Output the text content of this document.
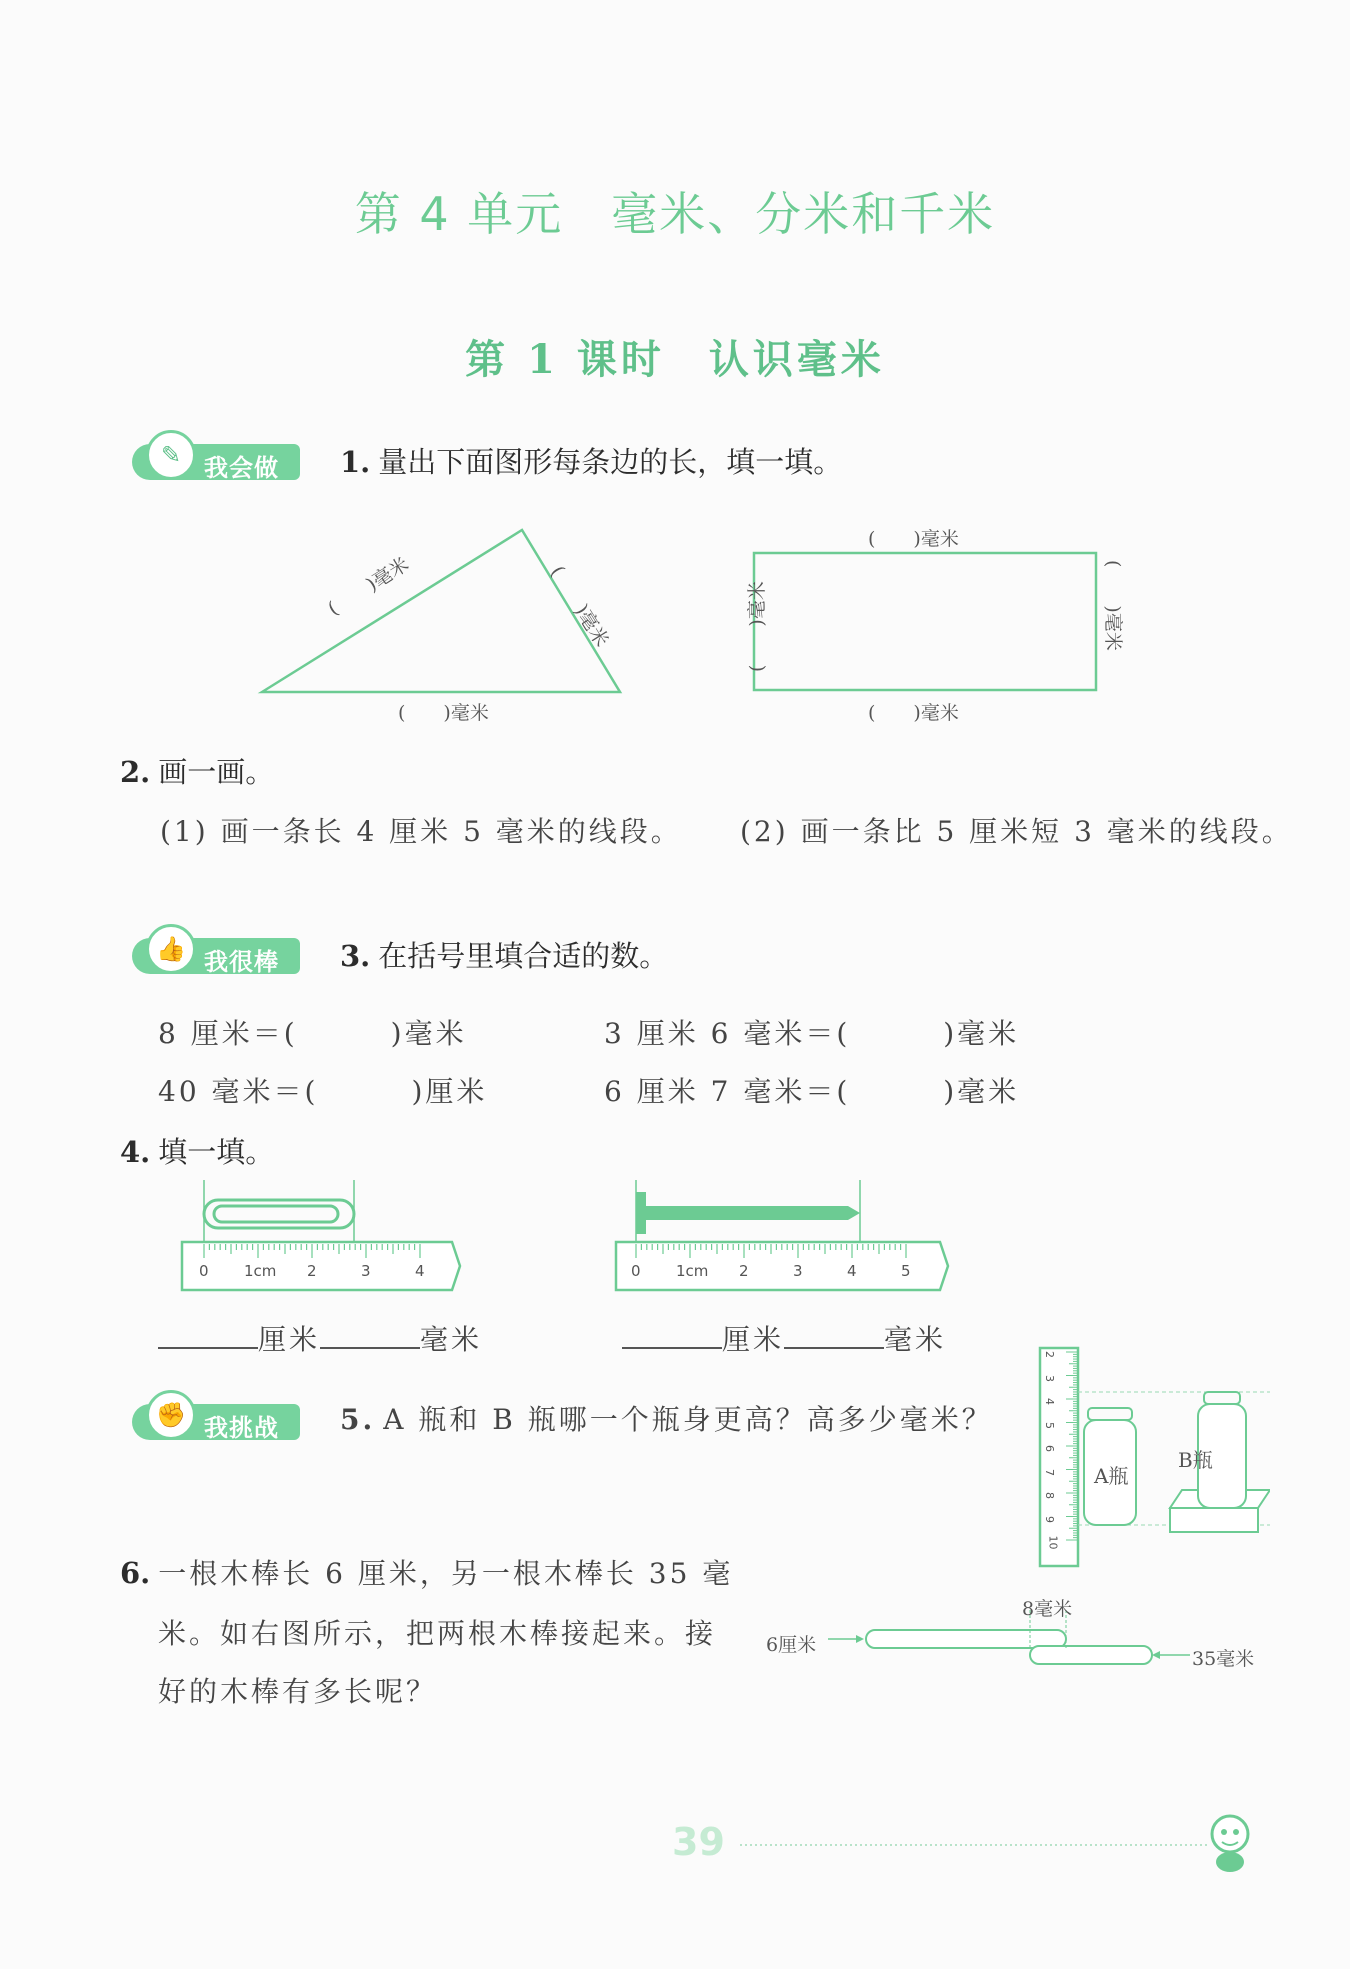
第 4 单元　毫米、分米和千米
第 1 课时　认识毫米
✎ 我会做 1. 量出下面图形每条边的长，填一填。
(　　)毫米	(　　)毫米
(　　)毫米
(　　)毫米
(　　)毫米
(　　)毫米	(　　)毫米
2. 画一画。
(1) 画一条长 4 厘米 5 毫米的线段。 (2) 画一条比 5 厘米短 3 毫米的线段。
👍 我很棒 3. 在括号里填合适的数。
8 厘米＝(　　　)毫米	3 厘米 6 毫米＝(　　　)毫米
40 毫米＝(　　　)厘米	6 厘米 7 毫米＝(　　　)毫米
4. 填一填。
0 1cm 2	3	4	0 1cm 2	3	4	5
厘米	毫米	厘米	毫米
✊ 我挑战 5. A 瓶和 B 瓶哪一个瓶身更高？高多少毫米？
2
3
4
5
6
7
8
9
10
A瓶
B瓶
6. 一根木棒长 6 厘米，另一根木棒长 35 毫
米。如右图所示，把两根木棒接起来。接
好的木棒有多长呢？
6厘米
8毫米
35毫米
39
